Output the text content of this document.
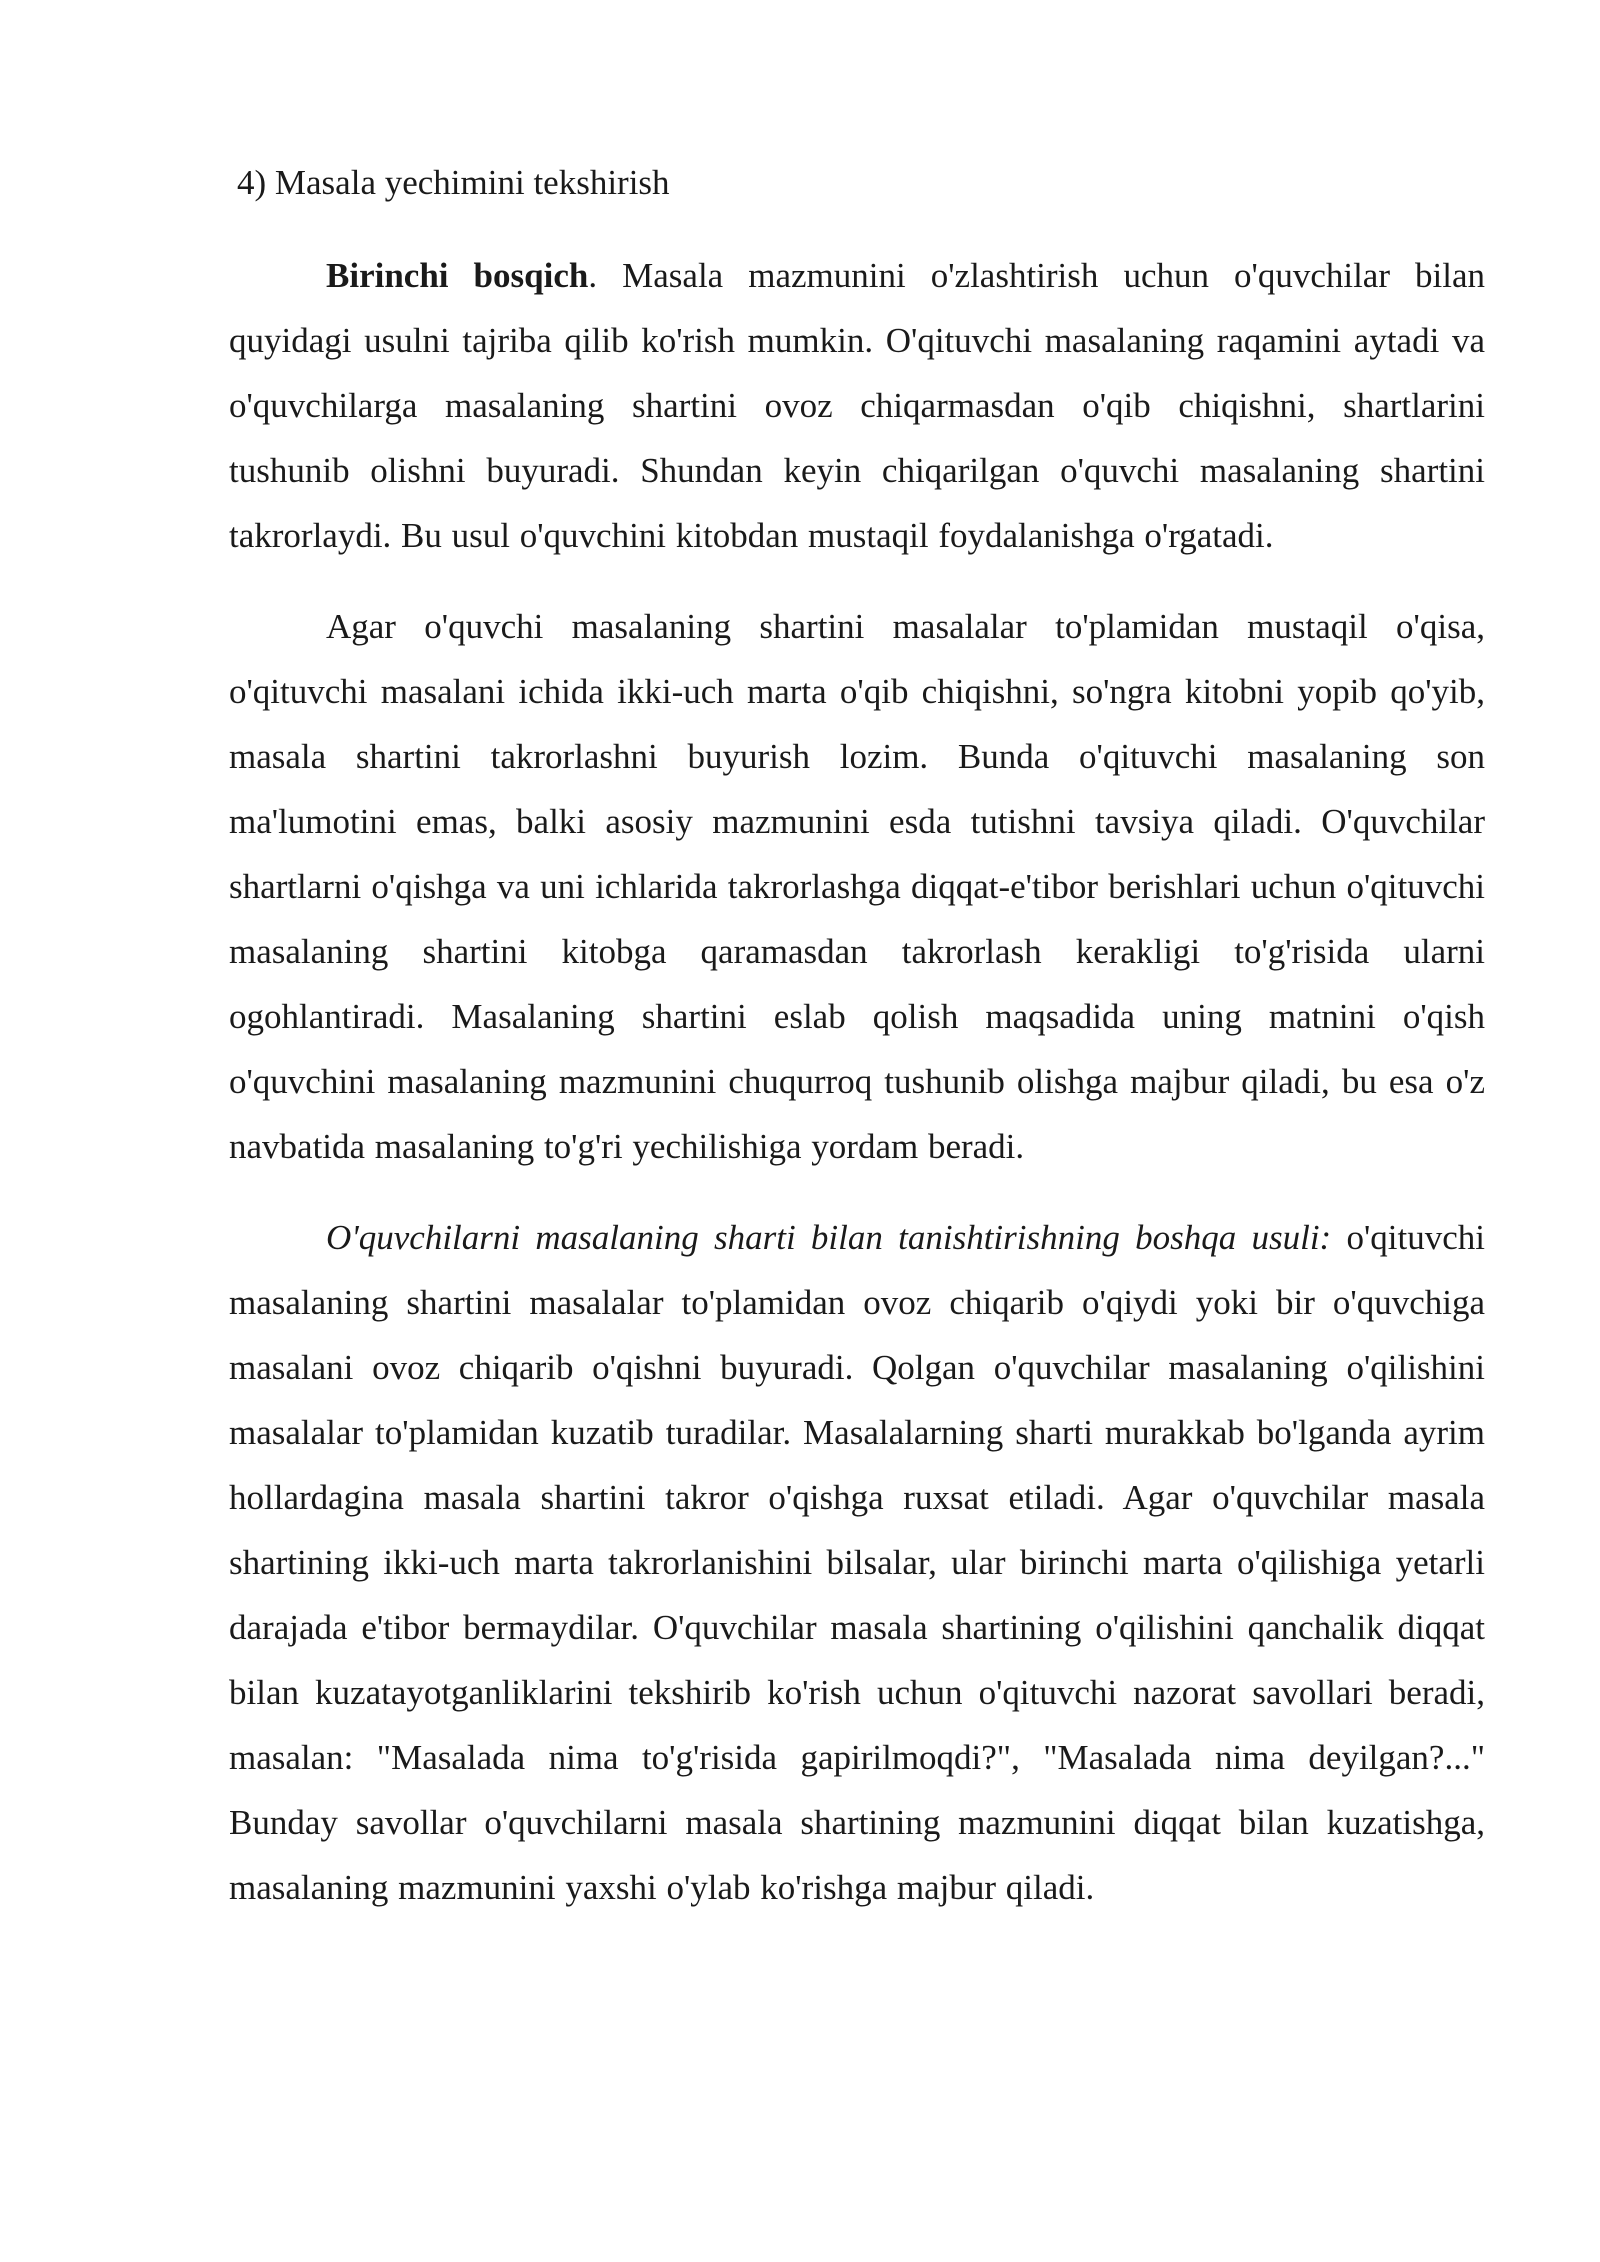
4) Masala yechimini tekshirish

Birinchi bosqich. Masala mazmunini o'zlashtirish uchun o'quvchilar bilan quyidagi usulni tajriba qilib ko'rish mumkin. O'qituvchi masalaning raqamini aytadi va o'quvchilarga masalaning shartini ovoz chiqarmasdan o'qib chiqishni, shartlarini tushunib olishni buyuradi. Shundan keyin chiqarilgan o'quvchi masalaning shartini takrorlaydi. Bu usul o'quvchini kitobdan mustaqil foydalanishga o'rgatadi.

Agar o'quvchi masalaning shartini masalalar to'plamidan mustaqil o'qisa, o'qituvchi masalani ichida ikki-uch marta o'qib chiqishni, so'ngra kitobni yopib qo'yib, masala shartini takrorlashni buyurish lozim. Bunda o'qituvchi masalaning son ma'lumotini emas, balki asosiy mazmunini esda tutishni tavsiya qiladi. O'quvchilar shartlarni o'qishga va uni ichlarida takrorlashga diqqat-e'tibor berishlari uchun o'qituvchi masalaning shartini kitobga qaramasdan takrorlash kerakligi to'g'risida ularni ogohlantiradi. Masalaning shartini eslab qolish maqsadida uning matnini o'qish o'quvchini masalaning mazmunini chuqurroq tushunib olishga majbur qiladi, bu esa o'z navbatida masalaning to'g'ri yechilishiga yordam beradi.

O'quvchilarni masalaning sharti bilan tanishtirishning boshqa usuli: o'qituvchi masalaning shartini masalalar to'plamidan ovoz chiqarib o'qiydi yoki bir o'quvchiga masalani ovoz chiqarib o'qishni buyuradi. Qolgan o'quvchilar masalaning o'qilishini masalalar to'plamidan kuzatib turadilar. Masalalarning sharti murakkab bo'lganda ayrim hollardagina masala shartini takror o'qishga ruxsat etiladi. Agar o'quvchilar masala shartining ikki-uch marta takrorlanishini bilsalar, ular birinchi marta o'qilishiga yetarli darajada e'tibor bermaydilar. O'quvchilar masala shartining o'qilishini qanchalik diqqat bilan kuzatayotganliklarini tekshirib ko'rish uchun o'qituvchi nazorat savollari beradi, masalan: "Masalada nima to'g'risida gapirilmoqdi?", "Masalada nima deyilgan?..." Bunday savollar o'quvchilarni masala shartining mazmunini diqqat bilan kuzatishga, masalaning mazmunini yaxshi o'ylab ko'rishga majbur qiladi.
